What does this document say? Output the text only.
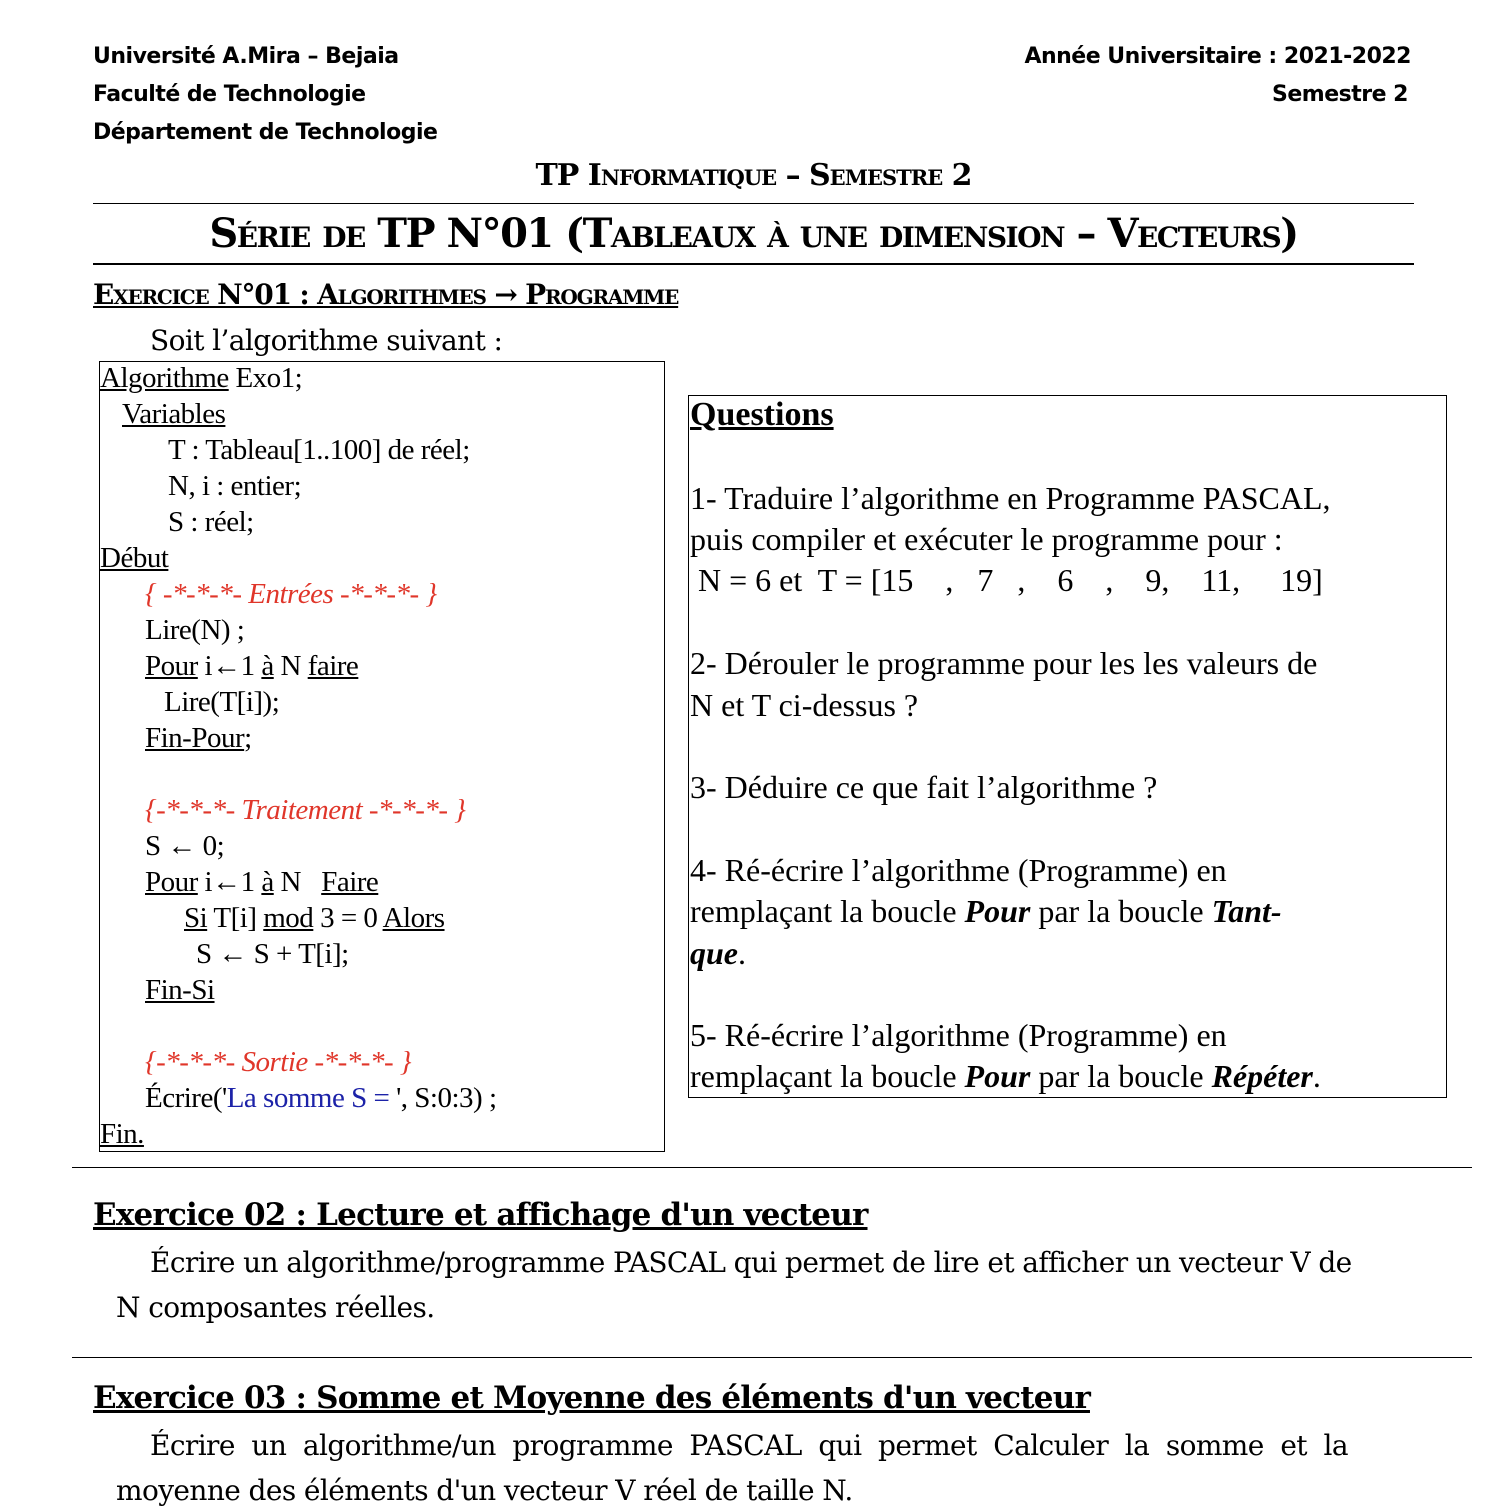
Université A.Mira – Bejaia
Faculté de Technologie
Département de Technologie
Année Universitaire : 2021-2022
Semestre 2
TP Informatique – Semestre 2
Série de TP N°01 (Tableaux à une dimension – Vecteurs)
Exercice N°01 : Algorithmes → Programme
Soit l’algorithme suivant :
Algorithme Exo1;
Variables
T : Tableau[1..100] de réel;
N, i : entier;
S : réel;
Début
{ -*-*-*- Entrées -*-*-*- }
Lire(N) ;
Pour i←1 à N faire
Lire(T[i]);
Fin-Pour;
{-*-*-*- Traitement -*-*-*- }
S ← 0;
Pour i←1 à N   Faire
Si T[i] mod 3 = 0 Alors
S ← S + T[i];
Fin-Si
{-*-*-*- Sortie -*-*-*- }
Écrire('La somme S = ', S:0:3) ;
Fin.
Questions
1- Traduire l’algorithme en Programme PASCAL,
puis compiler et exécuter le programme pour :
N = 6 et  T = [15    ,   7   ,    6    ,    9,    11,     19]
2- Dérouler le programme pour les les valeurs de
N et T ci-dessus ?
3- Déduire ce que fait l’algorithme ?
4- Ré-écrire l’algorithme (Programme) en
remplaçant la boucle Pour par la boucle Tant-
que.
5- Ré-écrire l’algorithme (Programme) en
remplaçant la boucle Pour par la boucle Répéter.
Exercice 02 : Lecture et affichage d'un vecteur
Écrire un algorithme/programme PASCAL qui permet de lire et afficher un vecteur V de
N composantes réelles.
Exercice 03 : Somme et Moyenne des éléments d'un vecteur
Écrire  un  algorithme/un  programme  PASCAL  qui  permet  Calculer  la  somme  et  la
moyenne des éléments d'un vecteur V réel de taille N.
